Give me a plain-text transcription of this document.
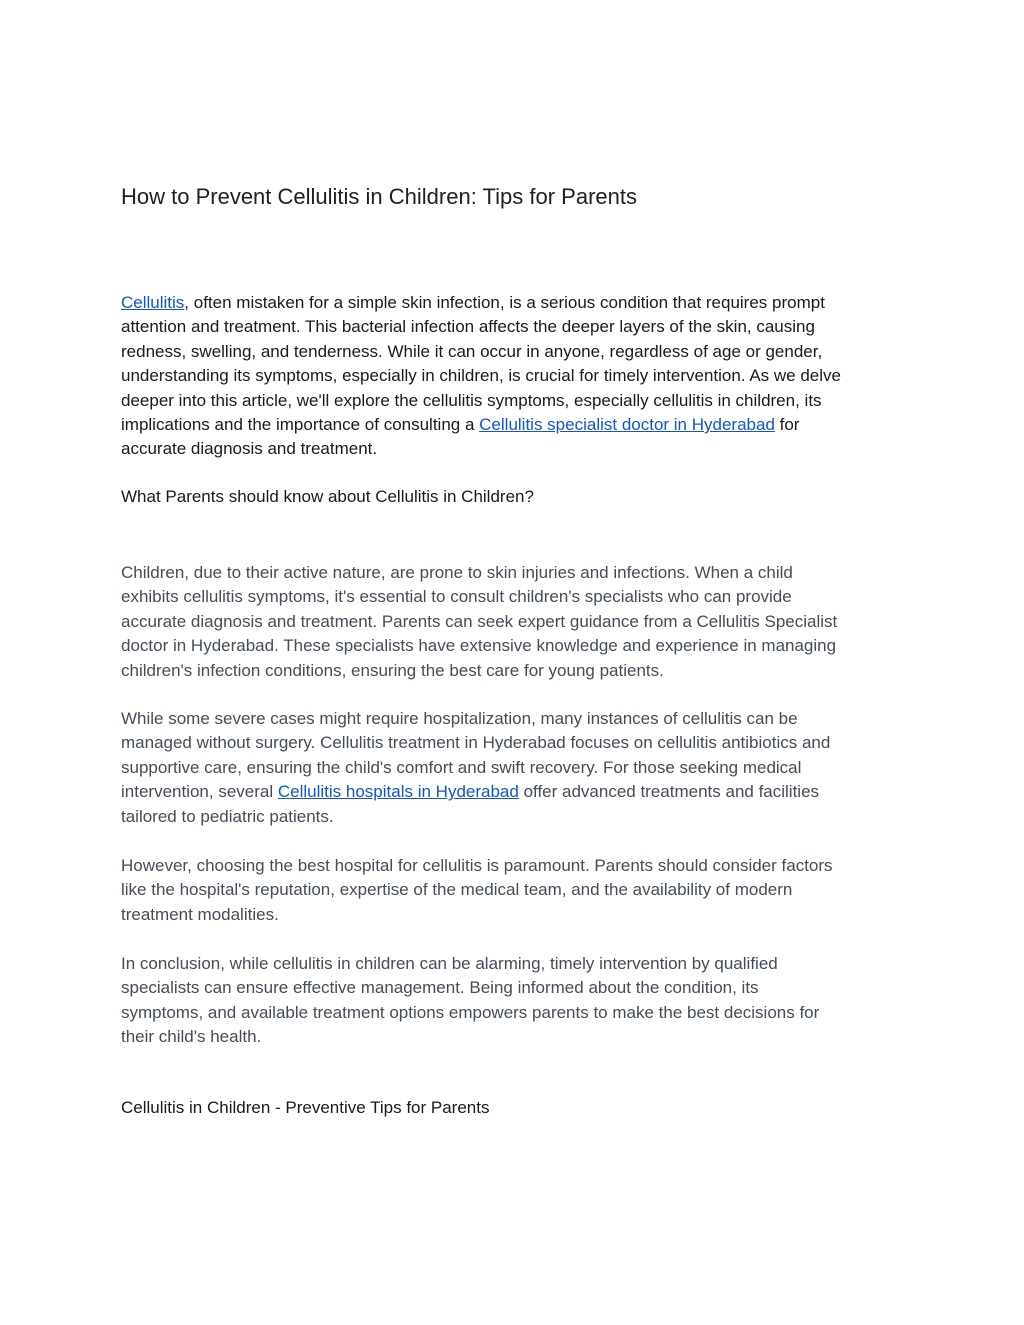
How to Prevent Cellulitis in Children: Tips for Parents
Cellulitis, often mistaken for a simple skin infection, is a serious condition that requires prompt
attention and treatment. This bacterial infection affects the deeper layers of the skin, causing
redness, swelling, and tenderness. While it can occur in anyone, regardless of age or gender,
understanding its symptoms, especially in children, is crucial for timely intervention. As we delve
deeper into this article, we'll explore the cellulitis symptoms, especially cellulitis in children, its
implications and the importance of consulting a Cellulitis specialist doctor in Hyderabad for
accurate diagnosis and treatment.
What Parents should know about Cellulitis in Children?
Children, due to their active nature, are prone to skin injuries and infections. When a child
exhibits cellulitis symptoms, it's essential to consult children's specialists who can provide
accurate diagnosis and treatment. Parents can seek expert guidance from a Cellulitis Specialist
doctor in Hyderabad. These specialists have extensive knowledge and experience in managing
children's infection conditions, ensuring the best care for young patients.
While some severe cases might require hospitalization, many instances of cellulitis can be
managed without surgery. Cellulitis treatment in Hyderabad focuses on cellulitis antibiotics and
supportive care, ensuring the child's comfort and swift recovery. For those seeking medical
intervention, several Cellulitis hospitals in Hyderabad offer advanced treatments and facilities
tailored to pediatric patients.
However, choosing the best hospital for cellulitis is paramount. Parents should consider factors
like the hospital's reputation, expertise of the medical team, and the availability of modern
treatment modalities.
In conclusion, while cellulitis in children can be alarming, timely intervention by qualified
specialists can ensure effective management. Being informed about the condition, its
symptoms, and available treatment options empowers parents to make the best decisions for
their child's health.
Cellulitis in Children - Preventive Tips for Parents
